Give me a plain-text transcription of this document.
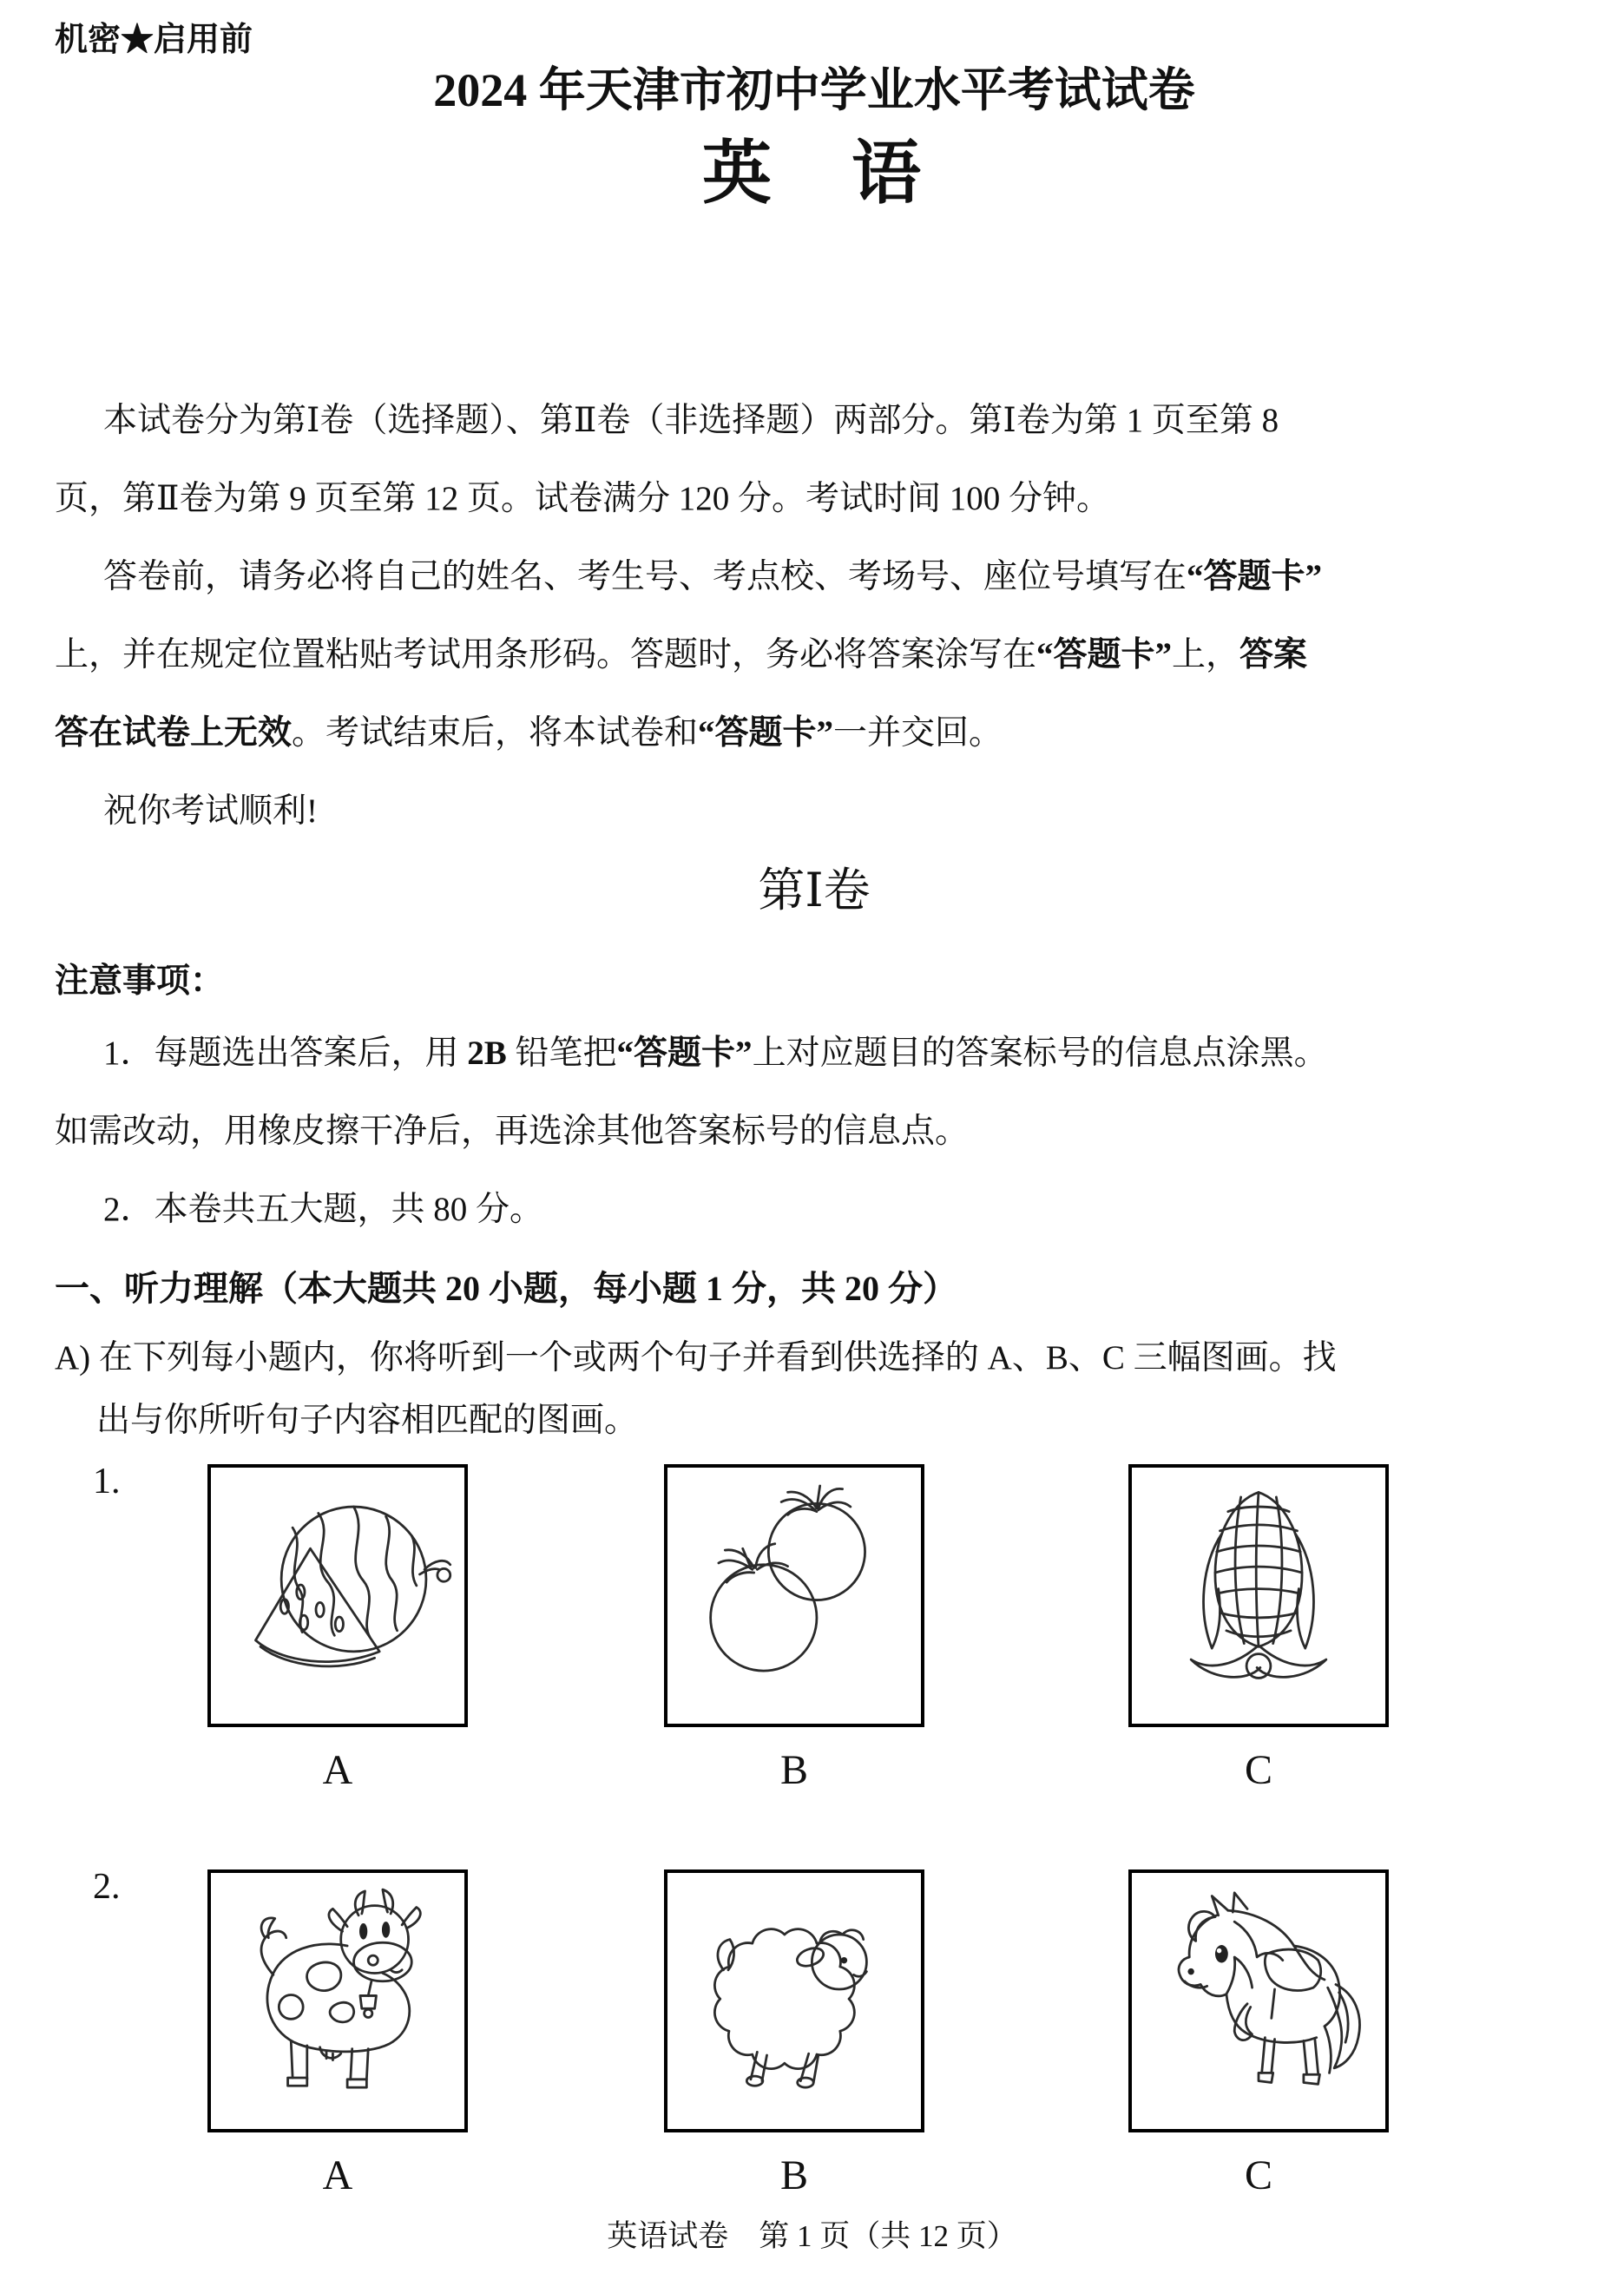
机密★启用前
2024 年天津市初中学业水平考试试卷
英　语
本试卷分为第Ⅰ卷（选择题）、第Ⅱ卷（非选择题）两部分。第Ⅰ卷为第 1 页至第 8
页，第Ⅱ卷为第 9 页至第 12 页。试卷满分 120 分。考试时间 100 分钟。
答卷前，请务必将自己的姓名、考生号、考点校、考场号、座位号填写在“答题卡”
上，并在规定位置粘贴考试用条形码。答题时，务必将答案涂写在“答题卡”上，答案
答在试卷上无效。考试结束后，将本试卷和“答题卡”一并交回。
祝你考试顺利!
第Ⅰ卷
注意事项：
1．每题选出答案后，用 2B 铅笔把“答题卡”上对应题目的答案标号的信息点涂黑。
如需改动，用橡皮擦干净后，再选涂其他答案标号的信息点。
2．本卷共五大题，共 80 分。
一、听力理解（本大题共 20 小题，每小题 1 分，共 20 分）
A) 在下列每小题内，你将听到一个或两个句子并看到供选择的 A、B、C 三幅图画。找
出与你所听句子内容相匹配的图画。
1.
A	B	C
2.
A	B	C
英语试卷　第 1 页（共 12 页）
